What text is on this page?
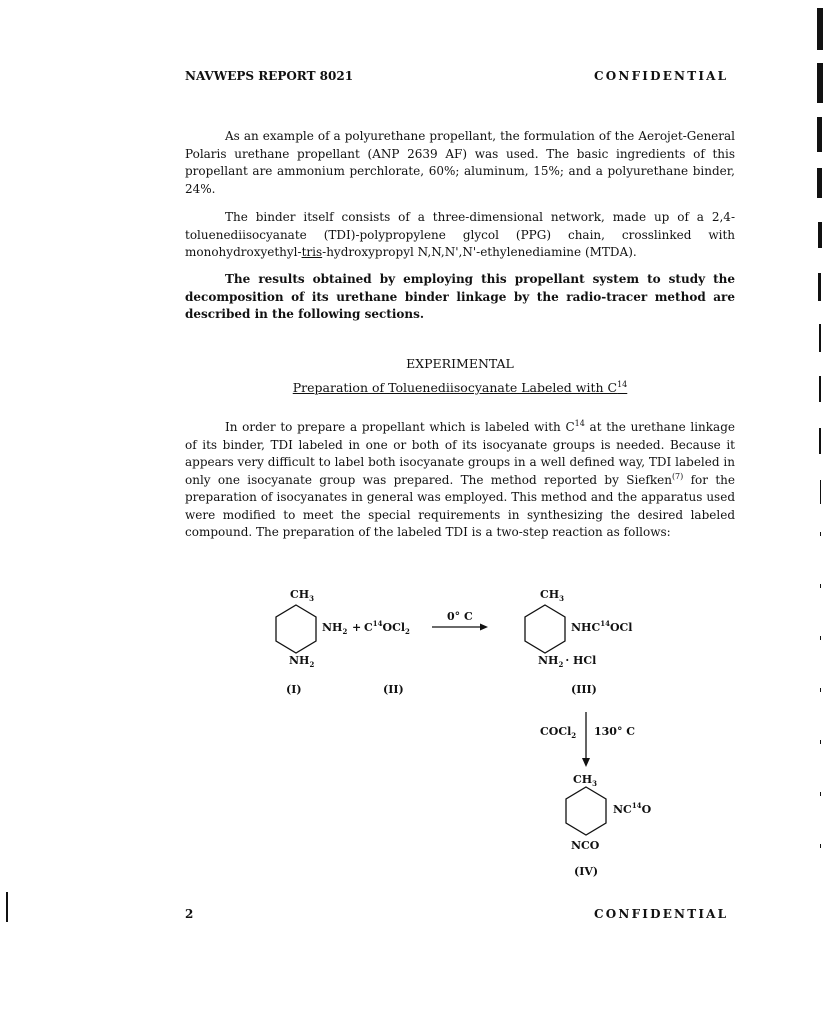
NAVWEPS REPORT 8021	CONFIDENTIAL

As an example of a polyurethane propellant, the formulation of the Aerojet-General Polaris urethane propellant (ANP 2639 AF) was used. The basic ingredients of this propellant are ammonium perchlorate, 60%; aluminum, 15%; and a polyurethane binder, 24%.

The binder itself consists of a three-dimensional network, made up of a 2,4-toluenediisocyanate (TDI)-polypropylene glycol (PPG) chain, crosslinked with monohydroxyethyl-tris-hydroxypropyl N,N,N',N'-ethylenediamine (MTDA).

The results obtained by employing this propellant system to study the decomposition of its urethane binder linkage by the radio-tracer method are described in the following sections.

EXPERIMENTAL
Preparation of Toluenediisocyanate Labeled with $C^{14}$

In order to prepare a propellant which is labeled with $C^{14}$ at the urethane linkage of its binder, TDI labeled in one or both of its isocyanate groups is needed. Because it appears very difficult to label both isocyanate groups in a well defined way, TDI labeled in only one isocyanate group was prepared. The method reported by Siefken$^{(7)}$ for the preparation of isocyanates in general was employed. This method and the apparatus used were modified to meet the special requirements in synthesizing the desired labeled compound. The preparation of the labeled TDI is a two-step reaction as follows:

$CH_3$
$NH_2$
$NH_2$
+ $C^{14}OCl_2$
0° C
(I)	(II)
$CH_3$
NHC$^{14}$OCl
$NH_2$ · HCl
(III)
COCl$_2$ 130° C
$CH_3$
NC$^{14}$O
NCO
(IV)
2	CONFIDENTIAL
